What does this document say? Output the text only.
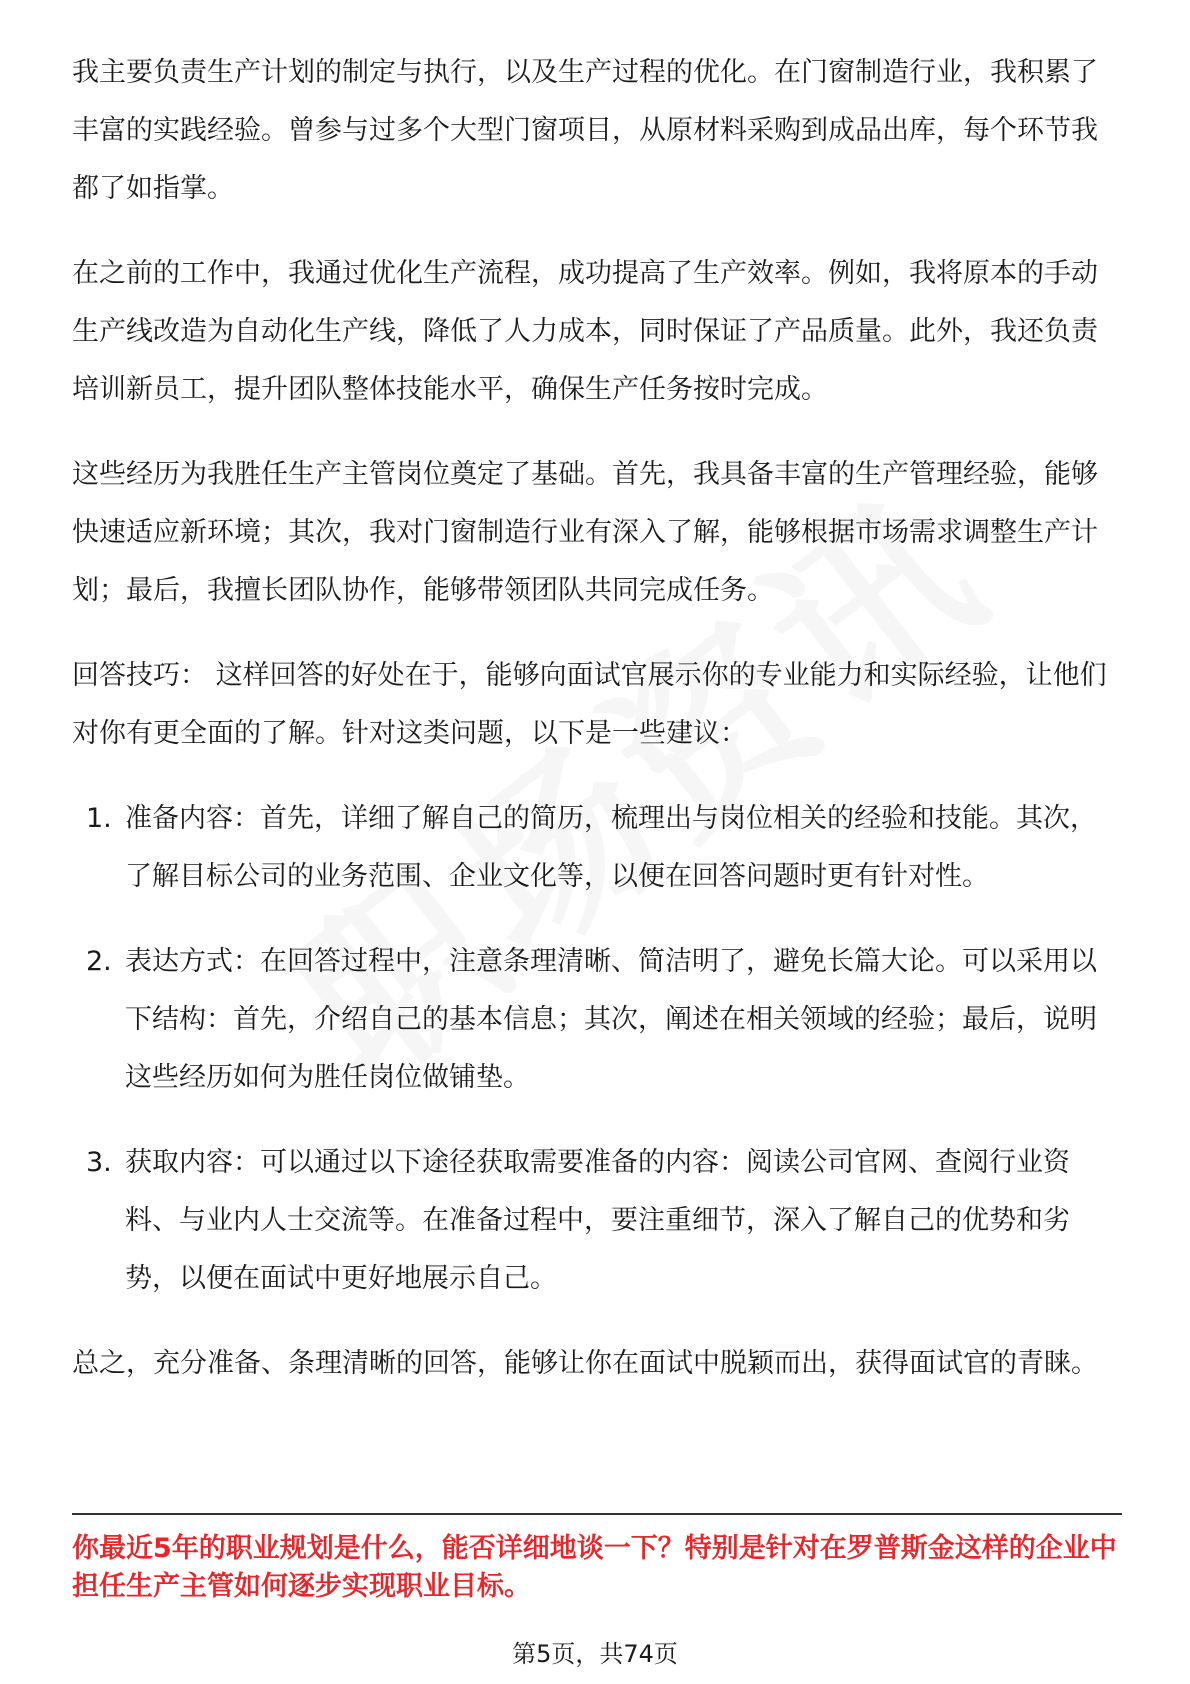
我主要负责生产计划的制定与执行，以及生产过程的优化。在门窗制造行业，我积累了丰富的实践经验。曾参与过多个大型门窗项目，从原材料采购到成品出库，每个环节我都了如指掌。

在之前的工作中，我通过优化生产流程，成功提高了生产效率。例如，我将原本的手动生产线改造为自动化生产线，降低了人力成本，同时保证了产品质量。此外，我还负责培训新员工，提升团队整体技能水平，确保生产任务按时完成。

这些经历为我胜任生产主管岗位奠定了基础。首先，我具备丰富的生产管理经验，能够快速适应新环境；其次，我对门窗制造行业有深入了解，能够根据市场需求调整生产计划；最后，我擅长团队协作，能够带领团队共同完成任务。

回答技巧： 这样回答的好处在于，能够向面试官展示你的专业能力和实际经验，让他们对你有更全面的了解。针对这类问题，以下是一些建议：

1. 准备内容：首先，详细了解自己的简历，梳理出与岗位相关的经验和技能。其次，了解目标公司的业务范围、企业文化等，以便在回答问题时更有针对性。
2. 表达方式：在回答过程中，注意条理清晰、简洁明了，避免长篇大论。可以采用以下结构：首先，介绍自己的基本信息；其次，阐述在相关领域的经验；最后，说明这些经历如何为胜任岗位做铺垫。
3. 获取内容：可以通过以下途径获取需要准备的内容：阅读公司官网、查阅行业资料、与业内人士交流等。在准备过程中，要注重细节，深入了解自己的优势和劣势，以便在面试中更好地展示自己。

总之，充分准备、条理清晰的回答，能够让你在面试中脱颖而出，获得面试官的青睐。

你最近5年的职业规划是什么，能否详细地谈一下？特别是针对在罗普斯金这样的企业中担任生产主管如何逐步实现职业目标。

第5页，共74页
